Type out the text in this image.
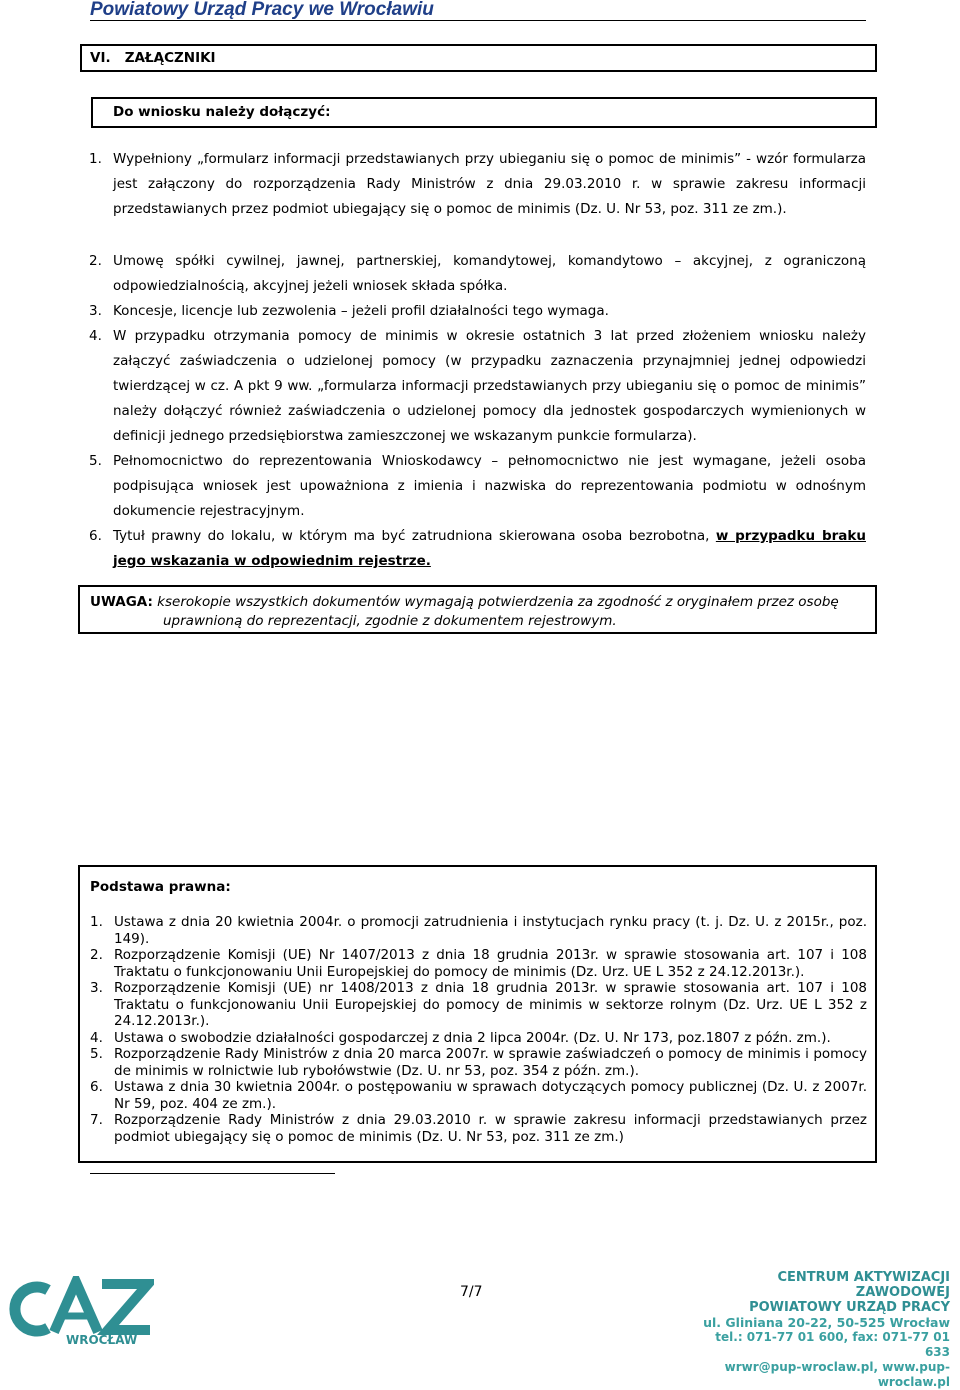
Powiatowy Urząd Pracy we Wrocławiu
VI. ZAŁĄCZNIKI
Do wniosku należy dołączyć:
1. Wypełniony „formularz informacji przedstawianych przy ubieganiu się o pomoc de minimis” - wzór formularza jest załączony do rozporządzenia Rady Ministrów z dnia 29.03.2010 r. w sprawie zakresu informacji przedstawianych przez podmiot ubiegający się o pomoc de minimis (Dz. U. Nr 53, poz. 311 ze zm.).
2. Umowę spółki cywilnej, jawnej, partnerskiej, komandytowej, komandytowo – akcyjnej, z ograniczoną odpowiedzialnością, akcyjnej jeżeli wniosek składa spółka.
3. Koncesje, licencje lub zezwolenia – jeżeli profil działalności tego wymaga.
4. W przypadku otrzymania pomocy de minimis w okresie ostatnich 3 lat przed złożeniem wniosku należy załączyć zaświadczenia o udzielonej pomocy (w przypadku zaznaczenia przynajmniej jednej odpowiedzi twierdzącej w cz. A pkt 9 ww. „formularza informacji przedstawianych przy ubieganiu się o pomoc de minimis” należy dołączyć również zaświadczenia o udzielonej pomocy dla jednostek gospodarczych wymienionych w definicji jednego przedsiębiorstwa zamieszczonej we wskazanym punkcie formularza).
5. Pełnomocnictwo do reprezentowania Wnioskodawcy – pełnomocnictwo nie jest wymagane, jeżeli osoba podpisująca wniosek jest upoważniona z imienia i nazwiska do reprezentowania podmiotu w odnośnym dokumencie rejestracyjnym.
6. Tytuł prawny do lokalu, w którym ma być zatrudniona skierowana osoba bezrobotna, w przypadku braku jego wskazania w odpowiednim rejestrze.
UWAGA: kserokopie wszystkich dokumentów wymagają potwierdzenia za zgodność z oryginałem przez osobę
uprawnioną do reprezentacji, zgodnie z dokumentem rejestrowym.
Podstawa prawna:
1. Ustawa z dnia 20 kwietnia 2004r. o promocji zatrudnienia i instytucjach rynku pracy (t. j. Dz. U. z 2015r., poz. 149).
2. Rozporządzenie Komisji (UE) Nr 1407/2013 z dnia 18 grudnia 2013r. w sprawie stosowania art. 107 i 108 Traktatu o funkcjonowaniu Unii Europejskiej do pomocy de minimis (Dz. Urz. UE L 352 z 24.12.2013r.).
3. Rozporządzenie Komisji (UE) nr 1408/2013 z dnia 18 grudnia 2013r. w sprawie stosowania art. 107 i 108 Traktatu o funkcjonowaniu Unii Europejskiej do pomocy de minimis w sektorze rolnym (Dz. Urz. UE L 352 z 24.12.2013r.).
4. Ustawa o swobodzie działalności gospodarczej z dnia 2 lipca 2004r. (Dz. U. Nr 173, poz.1807 z późn. zm.).
5. Rozporządzenie Rady Ministrów z dnia 20 marca 2007r. w sprawie zaświadczeń o pomocy de minimis i pomocy de minimis w rolnictwie lub rybołówstwie (Dz. U. nr 53, poz. 354 z późn. zm.).
6. Ustawa z dnia 30 kwietnia 2004r. o postępowaniu w sprawach dotyczących pomocy publicznej (Dz. U. z 2007r. Nr 59, poz. 404 ze zm.).
7. Rozporządzenie Rady Ministrów z dnia 29.03.2010 r. w sprawie zakresu informacji przedstawianych przez podmiot ubiegający się o pomoc de minimis (Dz. U. Nr 53, poz. 311 ze zm.)
WROCŁAW
7/7
CENTRUM AKTYWIZACJI ZAWODOWEJ
POWIATOWY URZĄD PRACY
ul. Gliniana 20-22, 50-525 Wrocław
tel.: 071-77 01 600, fax: 071-77 01 633
wrwr@pup-wroclaw.pl, www.pup-wroclaw.pl
